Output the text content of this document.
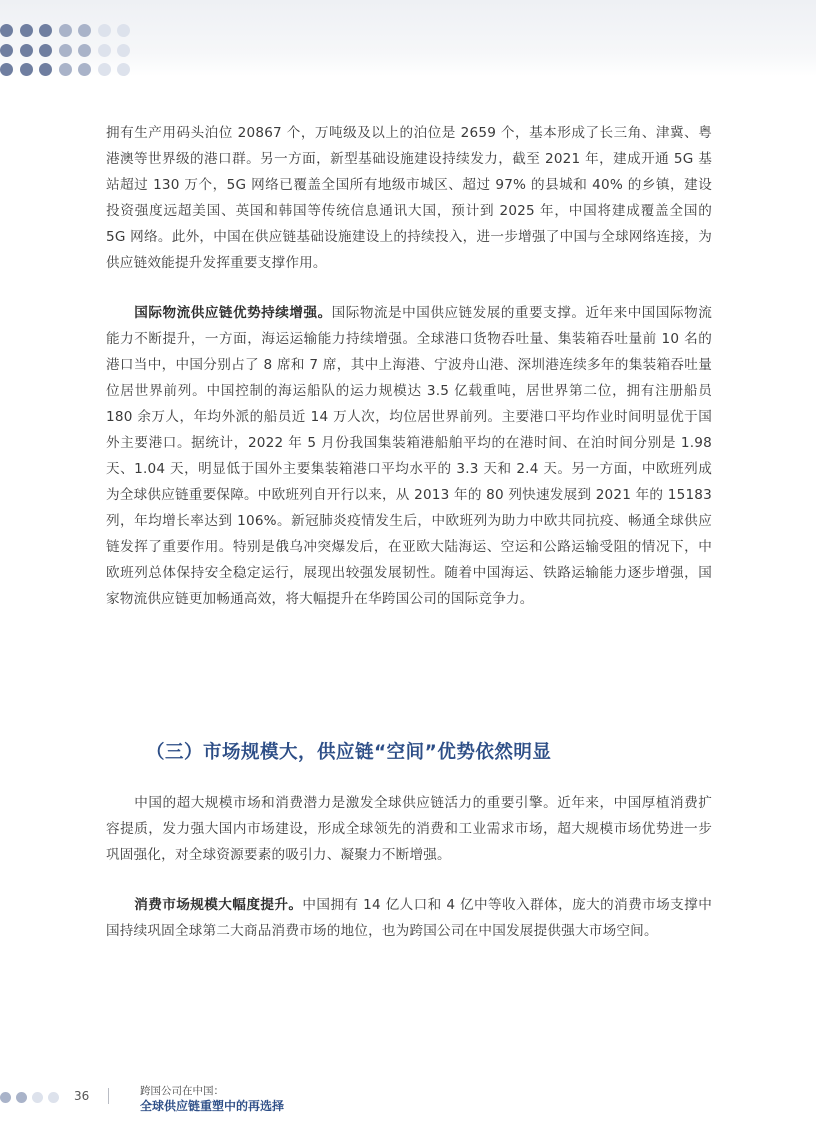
拥有生产用码头泊位 20867 个，万吨级及以上的泊位是 2659 个，基本形成了长三角、津冀、粤港澳等世界级的港口群。另一方面，新型基础设施建设持续发力，截至 2021 年，建成开通 5G 基站超过 130 万个，5G 网络已覆盖全国所有地级市城区、超过 97% 的县城和 40% 的乡镇，建设投资强度远超美国、英国和韩国等传统信息通讯大国，预计到 2025 年，中国将建成覆盖全国的 5G 网络。此外，中国在供应链基础设施建设上的持续投入，进一步增强了中国与全球网络连接，为供应链效能提升发挥重要支撑作用。

国际物流供应链优势持续增强。国际物流是中国供应链发展的重要支撑。近年来中国国际物流能力不断提升，一方面，海运运输能力持续增强。全球港口货物吞吐量、集装箱吞吐量前 10 名的港口当中，中国分别占了 8 席和 7 席，其中上海港、宁波舟山港、深圳港连续多年的集装箱吞吐量位居世界前列。中国控制的海运船队的运力规模达 3.5 亿载重吨，居世界第二位，拥有注册船员 180 余万人，年均外派的船员近 14 万人次，均位居世界前列。主要港口平均作业时间明显优于国外主要港口。据统计，2022 年 5 月份我国集装箱港船舶平均的在港时间、在泊时间分别是 1.98 天、1.04 天，明显低于国外主要集装箱港口平均水平的 3.3 天和 2.4 天。另一方面，中欧班列成为全球供应链重要保障。中欧班列自开行以来，从 2013 年的 80 列快速发展到 2021 年的 15183 列，年均增长率达到 106%。新冠肺炎疫情发生后，中欧班列为助力中欧共同抗疫、畅通全球供应链发挥了重要作用。特别是俄乌冲突爆发后，在亚欧大陆海运、空运和公路运输受阻的情况下，中欧班列总体保持安全稳定运行，展现出较强发展韧性。随着中国海运、铁路运输能力逐步增强，国家物流供应链更加畅通高效，将大幅提升在华跨国公司的国际竞争力。

（三）市场规模大，供应链“空间”优势依然明显

中国的超大规模市场和消费潜力是激发全球供应链活力的重要引擎。近年来，中国厚植消费扩容提质，发力强大国内市场建设，形成全球领先的消费和工业需求市场，超大规模市场优势进一步巩固强化，对全球资源要素的吸引力、凝聚力不断增强。

消费市场规模大幅度提升。中国拥有 14 亿人口和 4 亿中等收入群体，庞大的消费市场支撑中国持续巩固全球第二大商品消费市场的地位，也为跨国公司在中国发展提供强大市场空间。

36	跨国公司在中国：
全球供应链重塑中的再选择
